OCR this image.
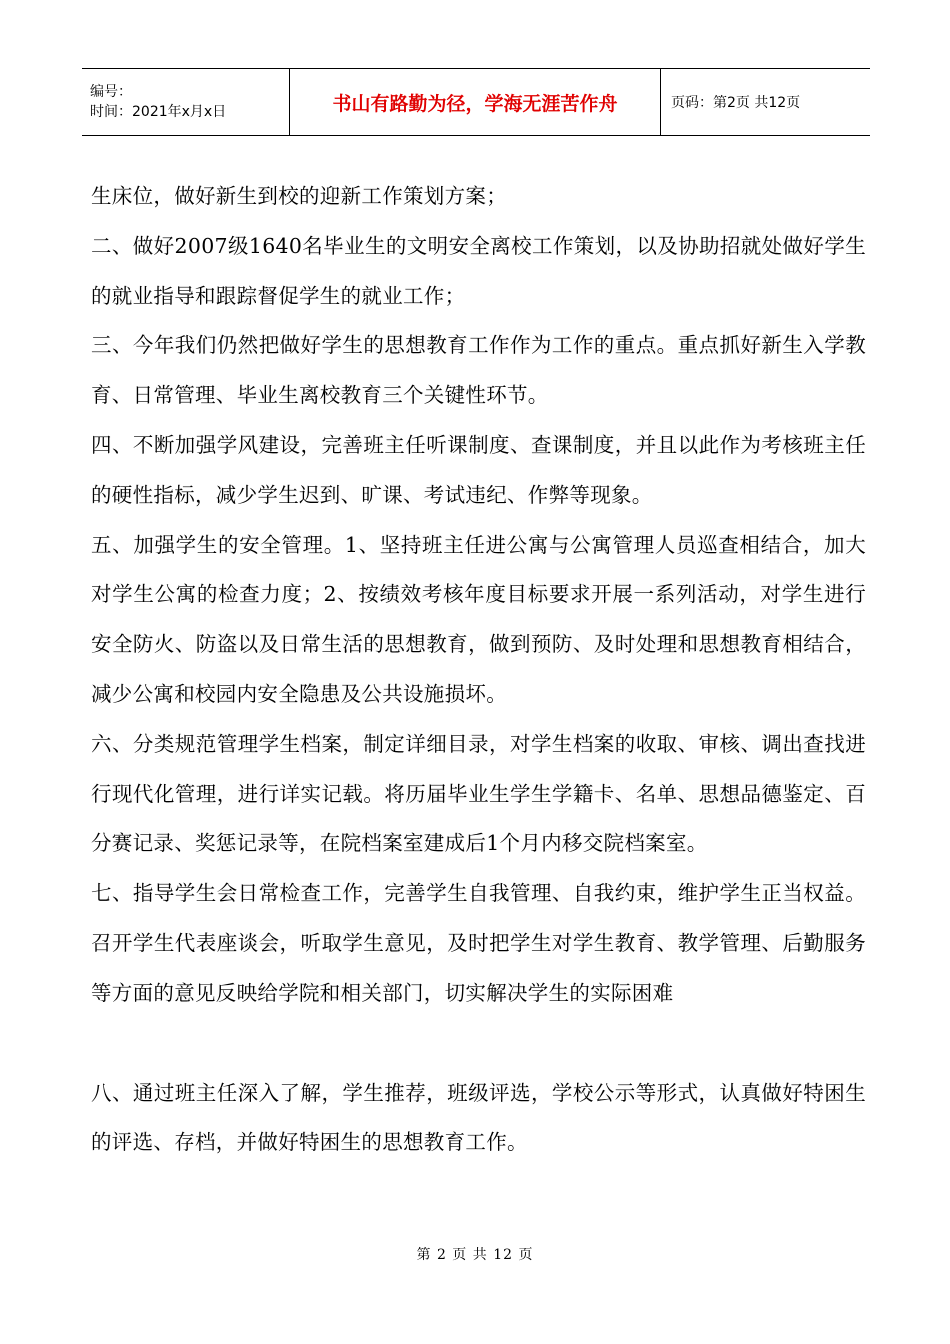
编号：
时间：2021年x月x日	书山有路勤为径，学海无涯苦作舟	页码：第2页 共12页

生床位，做好新生到校的迎新工作策划方案；

二、做好2007级1640名毕业生的文明安全离校工作策划，以及协助招就处做好学生的就业指导和跟踪督促学生的就业工作；

三、今年我们仍然把做好学生的思想教育工作作为工作的重点。重点抓好新生入学教育、日常管理、毕业生离校教育三个关键性环节。

四、不断加强学风建设，完善班主任听课制度、查课制度，并且以此作为考核班主任的硬性指标，减少学生迟到、旷课、考试违纪、作弊等现象。

五、加强学生的安全管理。1、坚持班主任进公寓与公寓管理人员巡查相结合，加大对学生公寓的检查力度；2、按绩效考核年度目标要求开展一系列活动，对学生进行安全防火、防盗以及日常生活的思想教育，做到预防、及时处理和思想教育相结合，减少公寓和校园内安全隐患及公共设施损坏。

六、分类规范管理学生档案，制定详细目录，对学生档案的收取、审核、调出查找进行现代化管理，进行详实记载。将历届毕业生学生学籍卡、名单、思想品德鉴定、百分赛记录、奖惩记录等，在院档案室建成后1个月内移交院档案室。

七、指导学生会日常检查工作，完善学生自我管理、自我约束，维护学生正当权益。召开学生代表座谈会，听取学生意见，及时把学生对学生教育、教学管理、后勤服务等方面的意见反映给学院和相关部门，切实解决学生的实际困难

八、通过班主任深入了解，学生推荐，班级评选，学校公示等形式，认真做好特困生的评选、存档，并做好特困生的思想教育工作。

第 2 页 共 12 页
